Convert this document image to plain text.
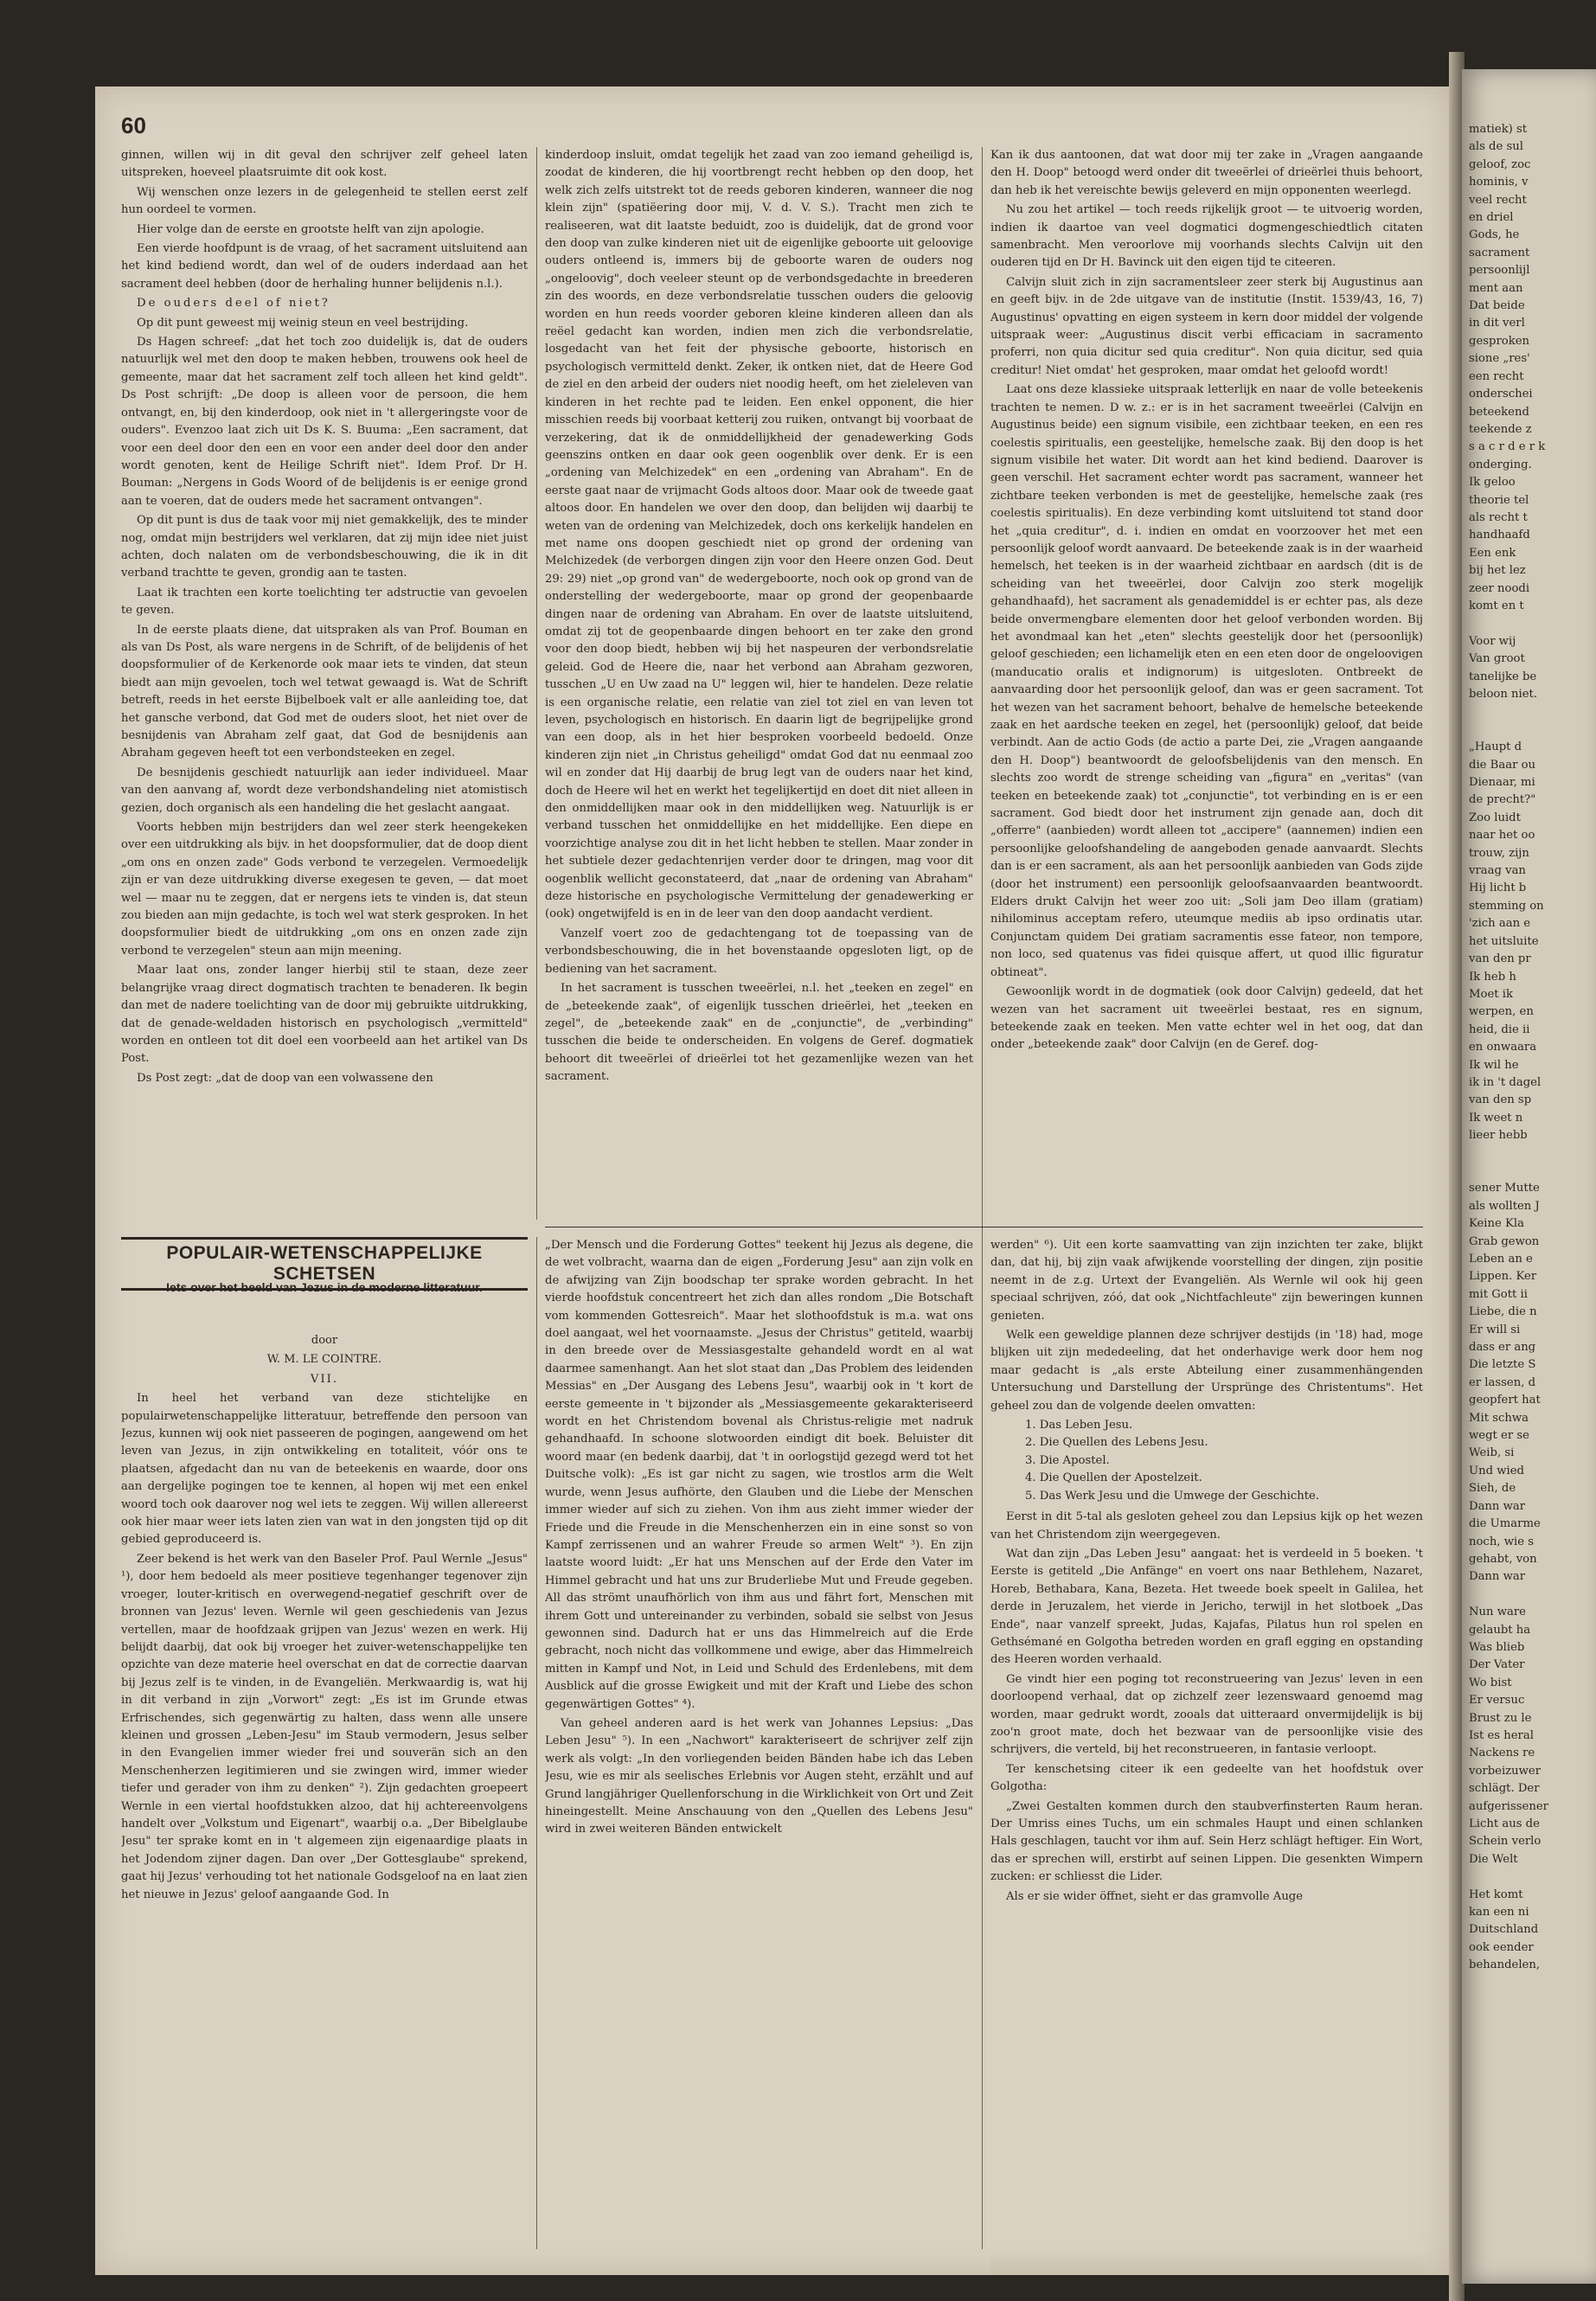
60

ginnen, willen wij in dit geval den schrijver zelf geheel laten uitspreken, hoeveel plaatsruimte dit ook kost.

Wij wenschen onze lezers in de gelegenheid te stellen eerst zelf hun oordeel te vormen.

Hier volge dan de eerste en grootste helft van zijn apologie.

Een vierde hoofdpunt is de vraag, of het sacrament uitsluitend aan het kind bediend wordt, dan wel of de ouders inderdaad aan het sacrament deel hebben (door de herhaling hunner belijdenis n.l.).

De ouders deel of niet?

Op dit punt geweest mij weinig steun en veel bestrijding.

Ds Hagen schreef: „dat het toch zoo duidelijk is, dat de ouders natuurlijk wel met den doop te maken hebben, trouwens ook heel de gemeente, maar dat het sacrament zelf toch alleen het kind geldt". Ds Post schrijft: „De doop is alleen voor de persoon, die hem ontvangt, en, bij den kinderdoop, ook niet in 't allergeringste voor de ouders". Evenzoo laat zich uit Ds K. S. Buuma: „Een sacrament, dat voor een deel door den een en voor een ander deel door den ander wordt genoten, kent de Heilige Schrift niet". Idem Prof. Dr H. Bouman: „Nergens in Gods Woord of de belijdenis is er eenige grond aan te voeren, dat de ouders mede het sacrament ontvangen".

Op dit punt is dus de taak voor mij niet gemakkelijk, des te minder nog, omdat mijn bestrijders wel verklaren, dat zij mijn idee niet juist achten, doch nalaten om de verbondsbeschouwing, die ik in dit verband trachtte te geven, grondig aan te tasten.

Laat ik trachten een korte toelichting ter adstructie van gevoelen te geven.

In de eerste plaats diene, dat uitspraken als van Prof. Bouman en als van Ds Post, als ware nergens in de Schrift, of de belijdenis of het doopsformulier of de Kerkenorde ook maar iets te vinden, dat steun biedt aan mijn gevoelen, toch wel tetwat gewaagd is. Wat de Schrift betreft, reeds in het eerste Bijbelboek valt er alle aanleiding toe, dat het gansche verbond, dat God met de ouders sloot, het niet over de besnijdenis van Abraham zelf gaat, dat God de besnijdenis aan Abraham gegeven heeft tot een verbondsteeken en zegel.

De besnijdenis geschiedt natuurlijk aan ieder individueel. Maar van den aanvang af, wordt deze verbondshandeling niet atomistisch gezien, doch organisch als een handeling die het geslacht aangaat.

Voorts hebben mijn bestrijders dan wel zeer sterk heengekeken over een uitdrukking als bijv. in het doopsformulier, dat de doop dient „om ons en onzen zade" Gods verbond te verzegelen. Vermoedelijk zijn er van deze uitdrukking diverse exegesen te geven, — dat moet wel — maar nu te zeggen, dat er nergens iets te vinden is, dat steun zou bieden aan mijn gedachte, is toch wel wat sterk gesproken. In het doopsformulier biedt de uitdrukking „om ons en onzen zade zijn verbond te verzegelen" steun aan mijn meening.

Maar laat ons, zonder langer hierbij stil te staan, deze zeer belangrijke vraag direct dogmatisch trachten te benaderen. Ik begin dan met de nadere toelichting van de door mij gebruikte uitdrukking, dat de genade-weldaden historisch en psychologisch „vermitteld" worden en ontleen tot dit doel een voorbeeld aan het artikel van Ds Post.

Ds Post zegt: „dat de doop van een volwassene den

kinderdoop insluit, omdat tegelijk het zaad van zoo iemand geheiligd is, zoodat de kinderen, die hij voortbrengt recht hebben op den doop, het welk zich zelfs uitstrekt tot de reeds geboren kinderen, wanneer die nog klein zijn" (spatiëering door mij, V. d. V. S.). Tracht men zich te realiseeren, wat dit laatste beduidt, zoo is duidelijk, dat de grond voor den doop van zulke kinderen niet uit de eigenlijke geboorte uit geloovige ouders ontleend is, immers bij de geboorte waren de ouders nog „ongeloovig", doch veeleer steunt op de verbondsgedachte in breederen zin des woords, en deze verbondsrelatie tusschen ouders die geloovig worden en hun reeds voorder geboren kleine kinderen alleen dan als reëel gedacht kan worden, indien men zich die verbondsrelatie, losgedacht van het feit der physische geboorte, historisch en psychologisch vermitteld denkt. Zeker, ik ontken niet, dat de Heere God de ziel en den arbeid der ouders niet noodig heeft, om het zieleleven van kinderen in het rechte pad te leiden. Een enkel opponent, die hier misschien reeds bij voorbaat ketterij zou ruiken, ontvangt bij voorbaat de verzekering, dat ik de onmiddellijkheid der genadewerking Gods geenszins ontken en daar ook geen oogenblik over denk. Er is een „ordening van Melchizedek" en een „ordening van Abraham". En de eerste gaat naar de vrijmacht Gods altoos door. Maar ook de tweede gaat altoos door. En handelen we over den doop, dan belijden wij daarbij te weten van de ordening van Melchizedek, doch ons kerkelijk handelen en met name ons doopen geschiedt niet op grond der ordening van Melchizedek (de verborgen dingen zijn voor den Heere onzen God. Deut 29: 29) niet „op grond van" de wedergeboorte, noch ook op grond van de onderstelling der wedergeboorte, maar op grond der geopenbaarde dingen naar de ordening van Abraham. En over de laatste uitsluitend, omdat zij tot de geopenbaarde dingen behoort en ter zake den grond voor den doop biedt, hebben wij bij het naspeuren der verbondsrelatie geleid. God de Heere die, naar het verbond aan Abraham gezworen, tusschen „U en Uw zaad na U" leggen wil, hier te handelen. Deze relatie is een organische relatie, een relatie van ziel tot ziel en van leven tot leven, psychologisch en historisch. En daarin ligt de begrijpelijke grond van een doop, als in het hier besproken voorbeeld bedoeld. Onze kinderen zijn niet „in Christus geheiligd" omdat God dat nu eenmaal zoo wil en zonder dat Hij daarbij de brug legt van de ouders naar het kind, doch de Heere wil het en werkt het tegelijkertijd en doet dit niet alleen in den onmiddellijken maar ook in den middellijken weg. Natuurlijk is er verband tusschen het onmiddellijke en het middellijke. Een diepe en voorzichtige analyse zou dit in het licht hebben te stellen. Maar zonder in het subtiele dezer gedachtenrijen verder door te dringen, mag voor dit oogenblik wellicht geconstateerd, dat „naar de ordening van Abraham" deze historische en psychologische Vermittelung der genadewerking er (ook) ongetwijfeld is en in de leer van den doop aandacht verdient.

Vanzelf voert zoo de gedachtengang tot de toepassing van de verbondsbeschouwing, die in het bovenstaande opgesloten ligt, op de bediening van het sacrament.

In het sacrament is tusschen tweeërlei, n.l. het „teeken en zegel" en de „beteekende zaak", of eigenlijk tusschen drieërlei, het „teeken en zegel", de „beteekende zaak" en de „conjunctie", de „verbinding" tusschen die beide te onderscheiden. En volgens de Geref. dogmatiek behoort dit tweeërlei of drieërlei tot het gezamenlijke wezen van het sacrament.

Kan ik dus aantoonen, dat wat door mij ter zake in „Vragen aangaande den H. Doop" betoogd werd onder dit tweeërlei of drieërlei thuis behoort, dan heb ik het vereischte bewijs geleverd en mijn opponenten weerlegd.

Nu zou het artikel — toch reeds rijkelijk groot — te uitvoerig worden, indien ik daartoe van veel dogmatici dogmengeschiedtlich citaten samenbracht. Men veroorlove mij voorhands slechts Calvijn uit den ouderen tijd en Dr H. Bavinck uit den eigen tijd te citeeren.

Calvijn sluit zich in zijn sacramentsleer zeer sterk bij Augustinus aan en geeft bijv. in de 2de uitgave van de institutie (Instit. 1539/43, 16, 7) Augustinus' opvatting en eigen systeem in kern door middel der volgende uitspraak weer: „Augustinus discit verbi efficaciam in sacramento proferri, non quia dicitur sed quia creditur". Non quia dicitur, sed quia creditur! Niet omdat' het gesproken, maar omdat het geloofd wordt!

Laat ons deze klassieke uitspraak letterlijk en naar de volle beteekenis trachten te nemen. D w. z.: er is in het sacrament tweeërlei (Calvijn en Augustinus beide) een signum visibile, een zichtbaar teeken, en een res coelestis spiritualis, een geestelijke, hemelsche zaak. Bij den doop is het signum visibile het water. Dit wordt aan het kind bediend. Daarover is geen verschil. Het sacrament echter wordt pas sacrament, wanneer het zichtbare teeken verbonden is met de geestelijke, hemelsche zaak (res coelestis spiritualis). En deze verbinding komt uitsluitend tot stand door het „quia creditur", d. i. indien en omdat en voorzoover het met een persoonlijk geloof wordt aanvaard. De beteekende zaak is in der waarheid hemelsch, het teeken is in der waarheid zichtbaar en aardsch (dit is de scheiding van het tweeërlei, door Calvijn zoo sterk mogelijk gehandhaafd), het sacrament als genademiddel is er echter pas, als deze beide onvermengbare elementen door het geloof verbonden worden. Bij het avondmaal kan het „eten" slechts geestelijk door het (persoonlijk) geloof geschieden; een lichamelijk eten en een eten door de ongeloovigen (manducatio oralis et indignorum) is uitgesloten. Ontbreekt de aanvaarding door het persoonlijk geloof, dan was er geen sacrament. Tot het wezen van het sacrament behoort, behalve de hemelsche beteekende zaak en het aardsche teeken en zegel, het (persoonlijk) geloof, dat beide verbindt. Aan de actio Gods (de actio a parte Dei, zie „Vragen aangaande den H. Doop") beantwoordt de geloofsbelijdenis van den mensch. En slechts zoo wordt de strenge scheiding van „figura" en „veritas" (van teeken en beteekende zaak) tot „conjunctie", tot verbinding en is er een sacrament. God biedt door het instrument zijn genade aan, doch dit „offerre" (aanbieden) wordt alleen tot „accipere" (aannemen) indien een persoonlijke geloofshandeling de aangeboden genade aanvaardt. Slechts dan is er een sacrament, als aan het persoonlijk aanbieden van Gods zijde (door het instrument) een persoonlijk geloofsaanvaarden beantwoordt. Elders drukt Calvijn het weer zoo uit: „Soli jam Deo illam (gratiam) nihilominus acceptam refero, uteumque mediis ab ipso ordinatis utar. Conjunctam quidem Dei gratiam sacramentis esse fateor, non tempore, non loco, sed quatenus vas fidei quisque affert, ut quod illic figuratur obtineat".

Gewoonlijk wordt in de dogmatiek (ook door Calvijn) gedeeld, dat het wezen van het sacrament uit tweeërlei bestaat, res en signum, beteekende zaak en teeken. Men vatte echter wel in het oog, dat dan onder „beteekende zaak" door Calvijn (en de Geref. dog-

POPULAIR-WETENSCHAPPELIJKE SCHETSEN
Iets over het beeld van Jezus in de moderne litteratuur.

door

W. M. LE COINTRE.

VII.

In heel het verband van deze stichtelijke en populairwetenschappelijke litteratuur, betreffende den persoon van Jezus, kunnen wij ook niet passeeren de pogingen, aangewend om het leven van Jezus, in zijn ontwikkeling en totaliteit, vóór ons te plaatsen, afgedacht dan nu van de beteekenis en waarde, door ons aan dergelijke pogingen toe te kennen, al hopen wij met een enkel woord toch ook daarover nog wel iets te zeggen. Wij willen allereerst ook hier maar weer iets laten zien van wat in den jongsten tijd op dit gebied geproduceerd is.

Zeer bekend is het werk van den Baseler Prof. Paul Wernle „Jesus" ¹), door hem bedoeld als meer positieve tegenhanger tegenover zijn vroeger, louter-kritisch en overwegend-negatief geschrift over de bronnen van Jezus' leven. Wernle wil geen geschiedenis van Jezus vertellen, maar de hoofdzaak grijpen van Jezus' wezen en werk. Hij belijdt daarbij, dat ook bij vroeger het zuiver-wetenschappelijke ten opzichte van deze materie heel overschat en dat de correctie daarvan bij Jezus zelf is te vinden, in de Evangeliën. Merkwaardig is, wat hij in dit verband in zijn „Vorwort" zegt: „Es ist im Grunde etwas Erfrischendes, sich gegenwärtig zu halten, dass wenn alle unsere kleinen und grossen „Leben-Jesu" im Staub vermodern, Jesus selber in den Evangelien immer wieder frei und souverän sich an den Menschenherzen legitimieren und sie zwingen wird, immer wieder tiefer und gerader von ihm zu denken" ²). Zijn gedachten groepeert Wernle in een viertal hoofdstukken alzoo, dat hij achtereenvolgens handelt over „Volkstum und Eigenart", waarbij o.a. „Der Bibelglaube Jesu" ter sprake komt en in 't algemeen zijn eigenaardige plaats in het Jodendom zijner dagen. Dan over „Der Gottesglaube" sprekend, gaat hij Jezus' verhouding tot het nationale Godsgeloof na en laat zien het nieuwe in Jezus' geloof aangaande God. In

„Der Mensch und die Forderung Gottes" teekent hij Jezus als degene, die de wet volbracht, waarna dan de eigen „Forderung Jesu" aan zijn volk en de afwijzing van Zijn boodschap ter sprake worden gebracht. In het vierde hoofdstuk concentreert het zich dan alles rondom „Die Botschaft vom kommenden Gottesreich". Maar het slothoofdstuk is m.a. wat ons doel aangaat, wel het voornaamste. „Jesus der Christus" getiteld, waarbij in den breede over de Messiasgestalte gehandeld wordt en al wat daarmee samenhangt. Aan het slot staat dan „Das Problem des leidenden Messias" en „Der Ausgang des Lebens Jesu", waarbij ook in 't kort de eerste gemeente in 't bijzonder als „Messiasgemeente gekarakteriseerd wordt en het Christendom bovenal als Christus-religie met nadruk gehandhaafd. In schoone slotwoorden eindigt dit boek. Beluister dit woord maar (en bedenk daarbij, dat 't in oorlogstijd gezegd werd tot het Duitsche volk): „Es ist gar nicht zu sagen, wie trostlos arm die Welt wurde, wenn Jesus aufhörte, den Glauben und die Liebe der Menschen immer wieder auf sich zu ziehen. Von ihm aus zieht immer wieder der Friede und die Freude in die Menschenherzen ein in eine sonst so von Kampf zerrissenen und an wahrer Freude so armen Welt" ³). En zijn laatste woord luidt: „Er hat uns Menschen auf der Erde den Vater im Himmel gebracht und hat uns zur Bruderliebe Mut und Freude gegeben. All das strömt unaufhörlich von ihm aus und fährt fort, Menschen mit ihrem Gott und untereinander zu verbinden, sobald sie selbst von Jesus gewonnen sind. Dadurch hat er uns das Himmelreich auf die Erde gebracht, noch nicht das vollkommene und ewige, aber das Himmelreich mitten in Kampf und Not, in Leid und Schuld des Erdenlebens, mit dem Ausblick auf die grosse Ewigkeit und mit der Kraft und Liebe des schon gegenwärtigen Gottes" ⁴).

Van geheel anderen aard is het werk van Johannes Lepsius: „Das Leben Jesu" ⁵). In een „Nachwort" karakteriseert de schrijver zelf zijn werk als volgt: „In den vorliegenden beiden Bänden habe ich das Leben Jesu, wie es mir als seelisches Erlebnis vor Augen steht, erzählt und auf Grund langjähriger Quellenforschung in die Wirklichkeit von Ort und Zeit hineingestellt. Meine Anschauung von den „Quellen des Lebens Jesu" wird in zwei weiteren Bänden entwickelt

werden" ⁶). Uit een korte saamvatting van zijn inzichten ter zake, blijkt dan, dat hij, bij zijn vaak afwijkende voorstelling der dingen, zijn positie neemt in de z.g. Urtext der Evangeliën. Als Wernle wil ook hij geen speciaal schrijven, zóó, dat ook „Nichtfachleute" zijn beweringen kunnen genieten.

Welk een geweldige plannen deze schrijver destijds (in '18) had, moge blijken uit zijn mededeeling, dat het onderhavige werk door hem nog maar gedacht is „als erste Abteilung einer zusammenhängenden Untersuchung und Darstellung der Ursprünge des Christentums". Het geheel zou dan de volgende deelen omvatten:

1. Das Leben Jesu.
2. Die Quellen des Lebens Jesu.
3. Die Apostel.
4. Die Quellen der Apostelzeit.
5. Das Werk Jesu und die Umwege der Geschichte.

Eerst in dit 5-tal als gesloten geheel zou dan Lepsius kijk op het wezen van het Christendom zijn weergegeven.

Wat dan zijn „Das Leben Jesu" aangaat: het is verdeeld in 5 boeken. 't Eerste is getiteld „Die Anfänge" en voert ons naar Bethlehem, Nazaret, Horeb, Bethabara, Kana, Bezeta. Het tweede boek speelt in Galilea, het derde in Jeruzalem, het vierde in Jericho, terwijl in het slotboek „Das Ende", naar vanzelf spreekt, Judas, Kajafas, Pilatus hun rol spelen en Gethsémané en Golgotha betreden worden en grafl egging en opstanding des Heeren worden verhaald.

Ge vindt hier een poging tot reconstrueering van Jezus' leven in een doorloopend verhaal, dat op zichzelf zeer lezenswaard genoemd mag worden, maar gedrukt wordt, zooals dat uitteraard onvermijdelijk is bij zoo'n groot mate, doch het bezwaar van de persoonlijke visie des schrijvers, die verteld, bij het reconstrueeren, in fantasie verloopt.

Ter kenschetsing citeer ik een gedeelte van het hoofdstuk over Golgotha:

„Zwei Gestalten kommen durch den staubverfinsterten Raum heran. Der Umriss eines Tuchs, um ein schmales Haupt und einen schlanken Hals geschlagen, taucht vor ihm auf. Sein Herz schlägt heftiger. Ein Wort, das er sprechen will, erstirbt auf seinen Lippen. Die gesenkten Wimpern zucken: er schliesst die Lider.

Als er sie wider öffnet, sieht er das gramvolle Auge

matiek) st
als de sul
geloof, zoc
hominis, v
veel recht
en driel
Gods, he
sacrament
persoonlijl
ment aan
Dat beide
in dit verl
gesproken
sione „res'
een recht
onderschei
beteekend
teekende z
s a c r d e r k
onderging.
Ik geloo
theorie tel
als recht t
handhaafd
Een enk
bij het lez
zeer noodi
komt en t

Voor wij
Van groot
tanelijke be
beloon niet.

„Haupt d
die Baar ou
Dienaar, mi
de precht?"
Zoo luidt
naar het oo
trouw, zijn
vraag van
Hij licht b
stemming on
'zich aan e
het uitsluite
van den pr
Ik heb h
Moet ik
werpen, en
heid, die ii
en onwaara
Ik wil he
ik in 't dagel
van den sp
Ik weet n
lieer hebb

sener Mutte
als wollten J
Keine Kla
Grab gewon
Leben an e
Lippen. Ker
mit Gott ii
Liebe, die n
Er will si
dass er ang
Die letzte S
er lassen, d
geopfert hat
Mit schwa
wegt er se
Weib, si
Und wied
Sieh, de
Dann war
die Umarme
noch, wie s
gehabt, von
Dann war

Nun ware
gelaubt ha
Was blieb
Der Vater
Wo bist
Er versuc
Brust zu le
Ist es heral
Nackens re
vorbeizuwer
schlägt. Der
aufgerissener
Licht aus de
Schein verlo
Die Welt

Het komt
kan een ni
Duitschland
ook eender
behandelen,
